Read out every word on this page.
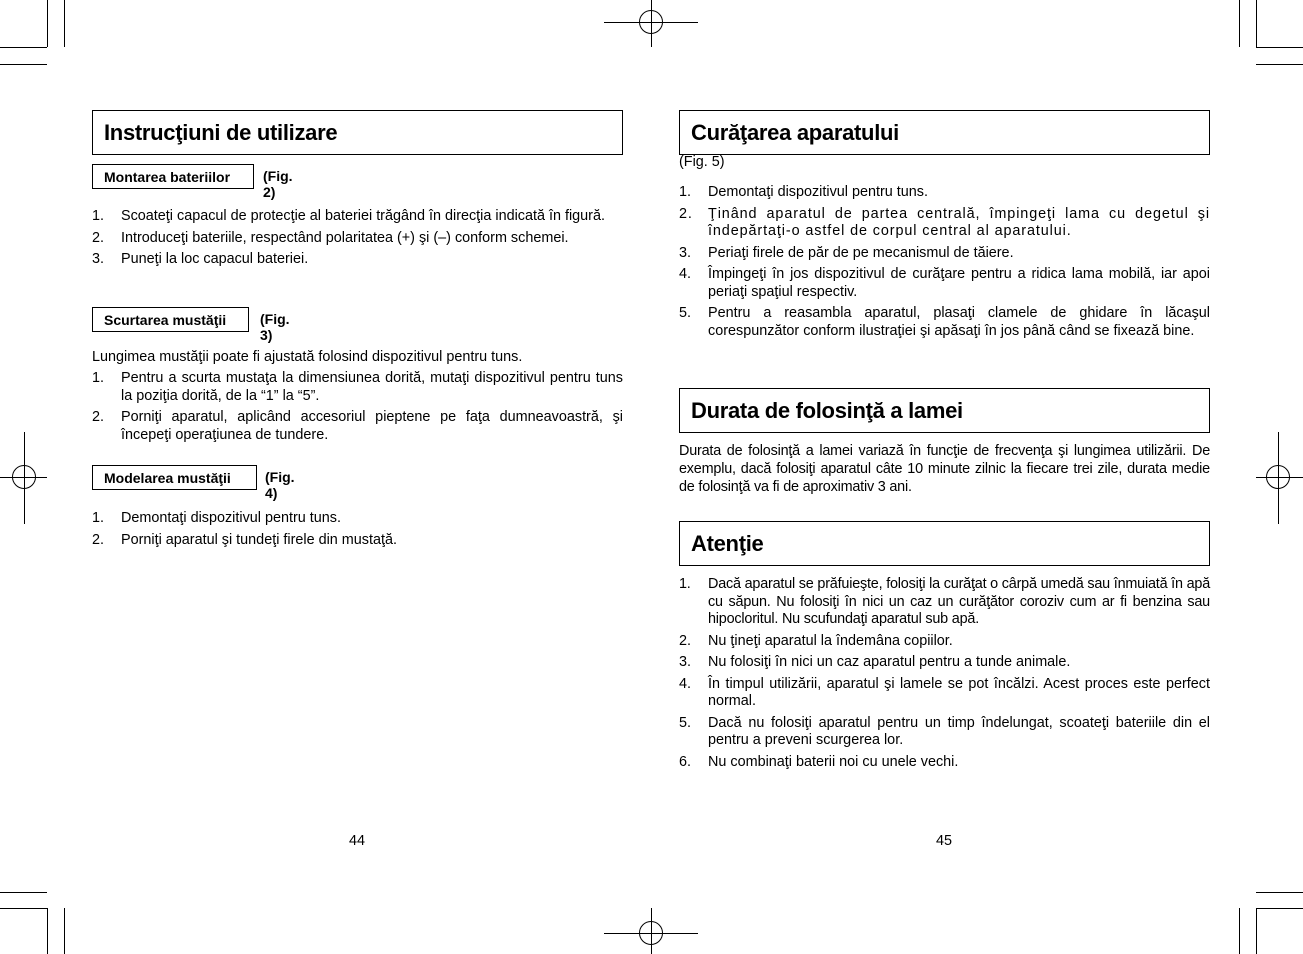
Instrucţiuni de utilizare
Montarea bateriilor	(Fig. 2)
1. Scoateţi capacul de protecţie al bateriei trăgând în direcţia indicată în figură.
2. Introduceţi bateriile, respectând polaritatea (+) şi (–) conform schemei.
3. Puneţi la loc capacul bateriei.
Scurtarea mustăţii	(Fig. 3)
Lungimea mustăţii poate fi ajustată folosind dispozitivul pentru tuns.
1. Pentru a scurta mustaţa la dimensiunea dorită, mutaţi dispozitivul pentru tuns la poziţia dorită, de la “1” la “5”.
2. Porniţi aparatul, aplicând accesoriul pieptene pe faţa dumneavoastră, şi începeţi operaţiunea de tundere.
Modelarea mustăţii	(Fig. 4)
1. Demontaţi dispozitivul pentru tuns.
2. Porniţi aparatul şi tundeţi firele din mustaţă.
44
Curăţarea aparatului
(Fig. 5)
1. Demontaţi dispozitivul pentru tuns.
2. Ţinând aparatul de partea centrală, împingeţi lama cu degetul şi îndepărtaţi-o astfel de corpul central al aparatului.
3. Periaţi firele de păr de pe mecanismul de tăiere.
4. Împingeţi în jos dispozitivul de curăţare pentru a ridica lama mobilă, iar apoi periaţi spaţiul respectiv.
5. Pentru a reasambla aparatul, plasaţi clamele de ghidare în lăcaşul corespunzător conform ilustraţiei şi apăsaţi în jos până când se fixează bine.
Durata de folosinţă a lamei
Durata de folosinţă a lamei variază în funcţie de frecvenţa şi lungimea utilizării. De exemplu, dacă folosiţi aparatul câte 10 minute zilnic la fiecare trei zile, durata medie de folosinţă va fi de aproximativ 3 ani.
Atenţie
1. Dacă aparatul se prăfuieşte, folosiţi la curăţat o cârpă umedă sau înmuiată în apă cu săpun. Nu folosiţi în nici un caz un curăţător coroziv cum ar fi benzina sau hipocloritul. Nu scufundaţi aparatul sub apă.
2. Nu ţineţi aparatul la îndemâna copiilor.
3. Nu folosiţi în nici un caz aparatul pentru a tunde animale.
4. În timpul utilizării, aparatul şi lamele se pot încălzi. Acest proces este perfect normal.
5. Dacă nu folosiţi aparatul pentru un timp îndelungat, scoateţi bateriile din el pentru a preveni scurgerea lor.
6. Nu combinaţi baterii noi cu unele vechi.
45
